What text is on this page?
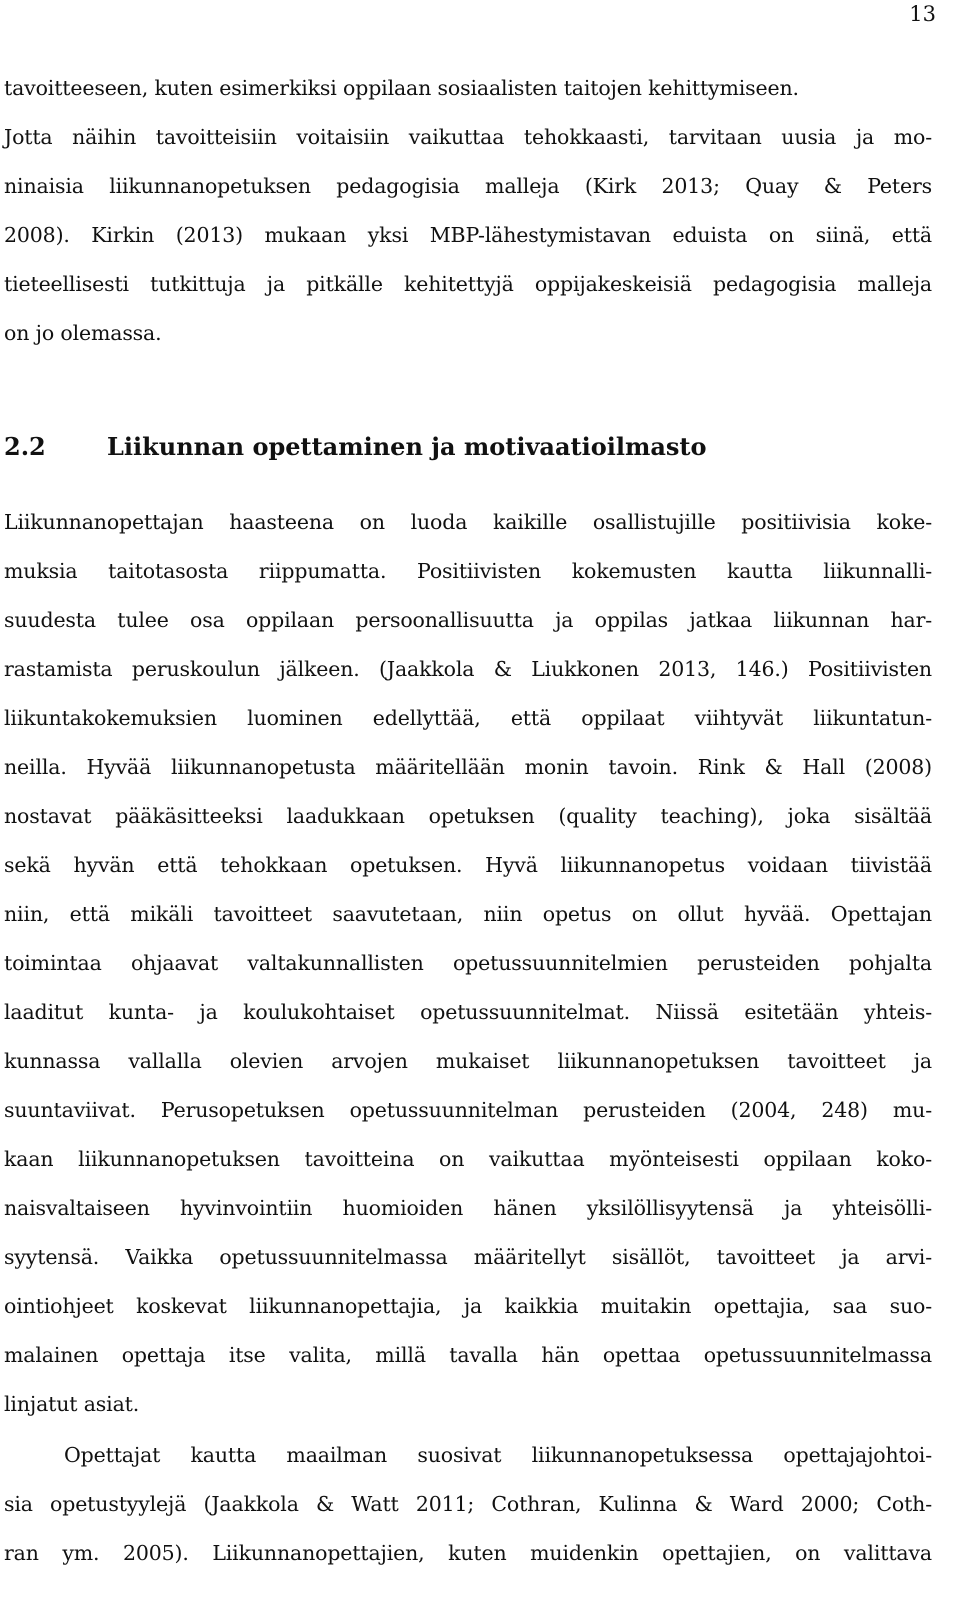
13
tavoitteeseen, kuten esimerkiksi oppilaan sosiaalisten taitojen kehittymiseen.
Jotta näihin tavoitteisiin voitaisiin vaikuttaa tehokkaasti, tarvitaan uusia ja mo-
ninaisia liikunnanopetuksen pedagogisia malleja (Kirk 2013; Quay & Peters
2008). Kirkin (2013) mukaan yksi MBP-lähestymistavan eduista on siinä, että
tieteellisesti tutkittuja ja pitkälle kehitettyjä oppijakeskeisiä pedagogisia malleja
on jo olemassa.
2.2	Liikunnan opettaminen ja motivaatioilmasto
Liikunnanopettajan haasteena on luoda kaikille osallistujille positiivisia koke-
muksia taitotasosta riippumatta. Positiivisten kokemusten kautta liikunnalli-
suudesta tulee osa oppilaan persoonallisuutta ja oppilas jatkaa liikunnan har-
rastamista peruskoulun jälkeen. (Jaakkola & Liukkonen 2013, 146.) Positiivisten
liikuntakokemuksien luominen edellyttää, että oppilaat viihtyvät liikuntatun-
neilla. Hyvää liikunnanopetusta määritellään monin tavoin. Rink & Hall (2008)
nostavat pääkäsitteeksi laadukkaan opetuksen (quality teaching), joka sisältää
sekä hyvän että tehokkaan opetuksen. Hyvä liikunnanopetus voidaan tiivistää
niin, että mikäli tavoitteet saavutetaan, niin opetus on ollut hyvää. Opettajan
toimintaa ohjaavat valtakunnallisten opetussuunnitelmien perusteiden pohjalta
laaditut kunta- ja koulukohtaiset opetussuunnitelmat. Niissä esitetään yhteis-
kunnassa vallalla olevien arvojen mukaiset liikunnanopetuksen tavoitteet ja
suuntaviivat. Perusopetuksen opetussuunnitelman perusteiden (2004, 248) mu-
kaan liikunnanopetuksen tavoitteina on vaikuttaa myönteisesti oppilaan koko-
naisvaltaiseen hyvinvointiin huomioiden hänen yksilöllisyytensä ja yhteisölli-
syytensä. Vaikka opetussuunnitelmassa määritellyt sisällöt, tavoitteet ja arvi-
ointiohjeet koskevat liikunnanopettajia, ja kaikkia muitakin opettajia, saa suo-
malainen opettaja itse valita, millä tavalla hän opettaa opetussuunnitelmassa
linjatut asiat.
Opettajat kautta maailman suosivat liikunnanopetuksessa opettajajohtoi-
sia opetustyylejä (Jaakkola & Watt 2011; Cothran, Kulinna & Ward 2000; Coth-
ran ym. 2005). Liikunnanopettajien, kuten muidenkin opettajien, on valittava
